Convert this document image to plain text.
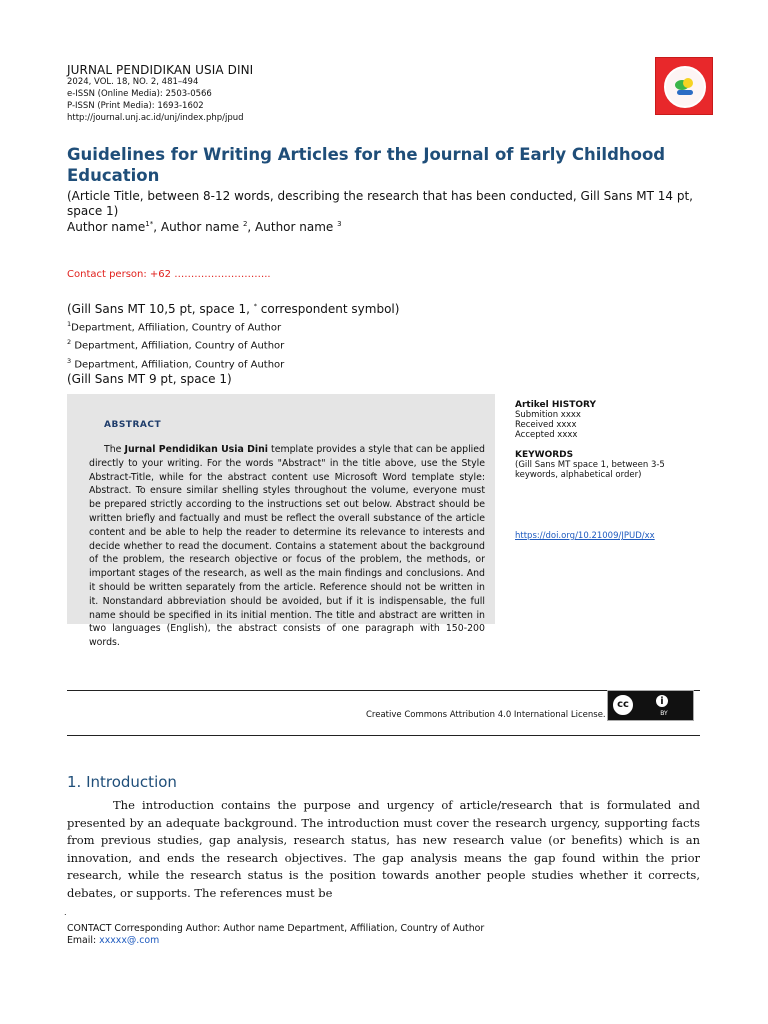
JURNAL PENDIDIKAN USIA DINI
2024, VOL. 18, NO. 2, 481–494
e-ISSN (Online Media): 2503-0566
P-ISSN (Print Media): 1693-1602
http://journal.unj.ac.id/unj/index.php/jpud
Guidelines for Writing Articles for the Journal of Early Childhood Education
(Article Title, between 8-12 words, describing the research that has been conducted, Gill Sans MT 14 pt, space 1)
Author name$^{1*}$, Author name $^2$, Author name $^3$
Contact person: +62 ………………………..
(Gill Sans MT 10,5 pt, space 1, * correspondent symbol)
$^1$Department, Affiliation, Country of Author
$^2$ Department, Affiliation, Country of Author
$^3$ Department, Affiliation, Country of Author
(Gill Sans MT 9 pt, space 1)
ABSTRACT
The Jurnal Pendidikan Usia Dini template provides a style that can be applied directly to your writing. For the words "Abstract" in the title above, use the Style Abstract-Title, while for the abstract content use Microsoft Word template style: Abstract. To ensure similar shelling styles throughout the volume, everyone must be prepared strictly according to the instructions set out below. Abstract should be written briefly and factually and must be reflect the overall substance of the article content and be able to help the reader to determine its relevance to interests and decide whether to read the document. Contains a statement about the background of the problem, the research objective or focus of the problem, the methods, or important stages of the research, as well as the main findings and conclusions. And it should be written separately from the article. Reference should not be written in it. Nonstandard abbreviation should be avoided, but if it is indispensable, the full name should be specified in its initial mention. The title and abstract are written in two languages (English), the abstract consists of one paragraph with 150-200 words.
Artikel HISTORY
Submition xxxx
Received xxxx
Accepted xxxx
KEYWORDS
(Gill Sans MT space 1, between 3-5 keywords, alphabetical order)
https://doi.org/10.21009/JPUD/xx
Creative Commons Attribution 4.0 International License.
cc	i
BY
1. Introduction
The introduction contains the purpose and urgency of article/research that is formulated and presented by an adequate background. The introduction must cover the research urgency, supporting facts from previous studies, gap analysis, research status, has new research value (or benefits) which is an innovation, and ends the research objectives. The gap analysis means the gap found within the prior research, while the research status is the position towards another people studies whether it corrects, debates, or supports. The references must be
.
CONTACT Corresponding Author: Author name Department, Affiliation, Country of Author
Email: xxxxx@.com
